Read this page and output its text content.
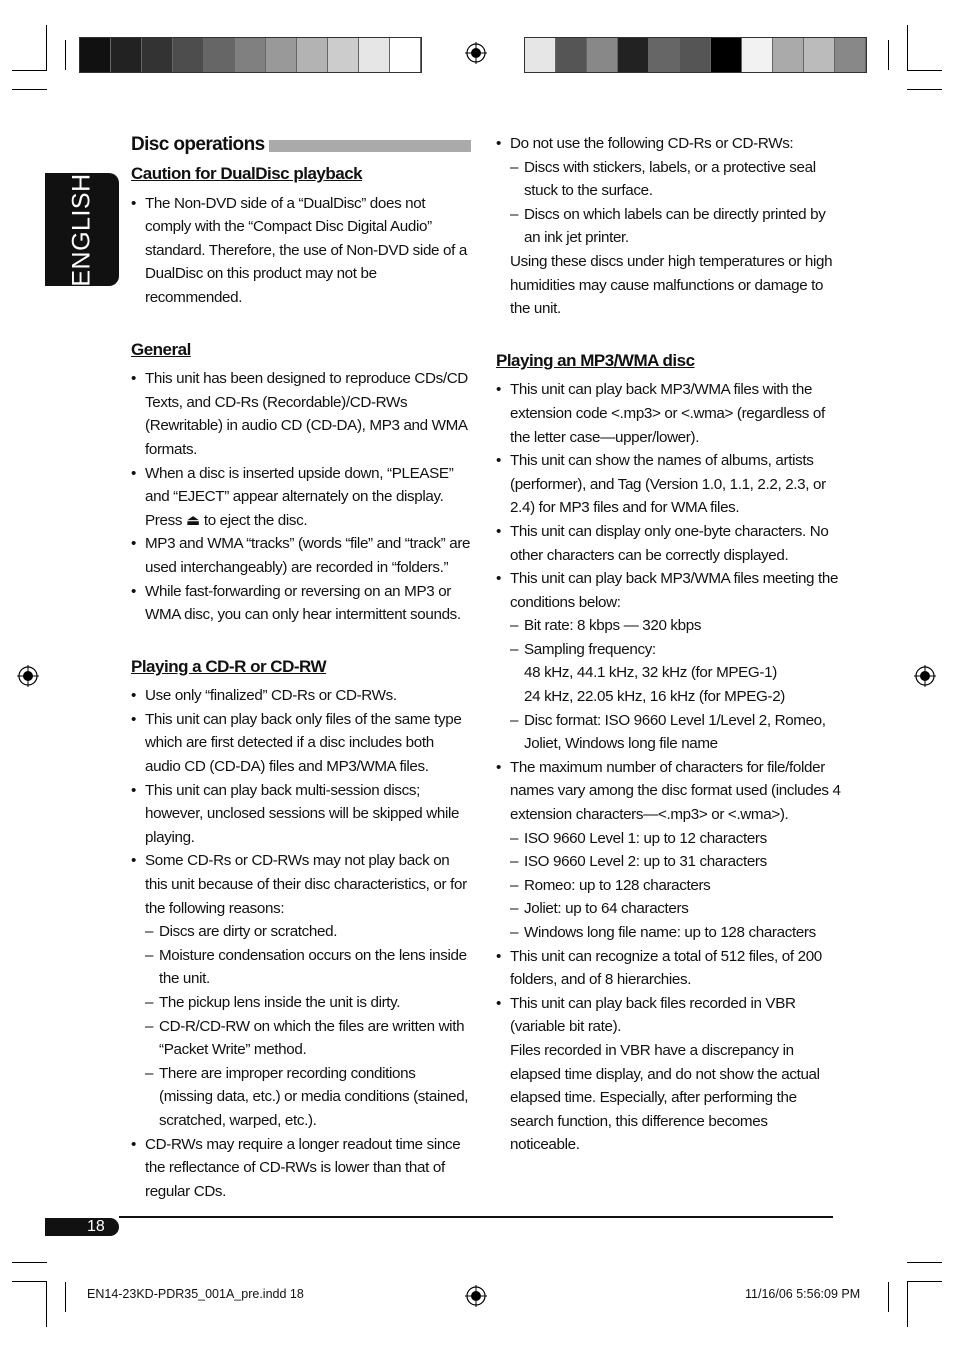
ENGLISH
Disc operations
Caution for DualDisc playback
• The Non-DVD side of a “DualDisc” does not comply with the “Compact Disc Digital Audio” standard. Therefore, the use of Non-DVD side of a DualDisc on this product may not be recommended.
General
• This unit has been designed to reproduce CDs/CD Texts, and CD-Rs (Recordable)/CD-RWs (Rewritable) in audio CD (CD-DA), MP3 and WMA formats.
• When a disc is inserted upside down, “PLEASE” and “EJECT” appear alternately on the display. Press ⏏ to eject the disc.
• MP3 and WMA “tracks” (words “file” and “track” are used interchangeably) are recorded in “folders.”
• While fast-forwarding or reversing on an MP3 or WMA disc, you can only hear intermittent sounds.
Playing a CD-R or CD-RW
• Use only “finalized” CD-Rs or CD-RWs.
• This unit can play back only files of the same type which are first detected if a disc includes both audio CD (CD-DA) files and MP3/WMA files.
• This unit can play back multi-session discs; however, unclosed sessions will be skipped while playing.
• Some CD-Rs or CD-RWs may not play back on this unit because of their disc characteristics, or for the following reasons:
– Discs are dirty or scratched.
– Moisture condensation occurs on the lens inside the unit.
– The pickup lens inside the unit is dirty.
– CD-R/CD-RW on which the files are written with “Packet Write” method.
– There are improper recording conditions (missing data, etc.) or media conditions (stained, scratched, warped, etc.).
• CD-RWs may require a longer readout time since the reflectance of CD-RWs is lower than that of regular CDs.
• Do not use the following CD-Rs or CD-RWs:
– Discs with stickers, labels, or a protective seal stuck to the surface.
– Discs on which labels can be directly printed by an ink jet printer.
Using these discs under high temperatures or high humidities may cause malfunctions or damage to the unit.
Playing an MP3/WMA disc
• This unit can play back MP3/WMA files with the extension code <.mp3> or <.wma> (regardless of the letter case—upper/lower).
• This unit can show the names of albums, artists (performer), and Tag (Version 1.0, 1.1, 2.2, 2.3, or 2.4) for MP3 files and for WMA files.
• This unit can display only one-byte characters. No other characters can be correctly displayed.
• This unit can play back MP3/WMA files meeting the conditions below:
– Bit rate: 8 kbps — 320 kbps
– Sampling frequency:
48 kHz, 44.1 kHz, 32 kHz (for MPEG-1)
24 kHz, 22.05 kHz, 16 kHz (for MPEG-2)
– Disc format: ISO 9660 Level 1/Level 2, Romeo, Joliet, Windows long file name
• The maximum number of characters for file/folder names vary among the disc format used (includes 4 extension characters—<.mp3> or <.wma>).
– ISO 9660 Level 1: up to 12 characters
– ISO 9660 Level 2: up to 31 characters
– Romeo: up to 128 characters
– Joliet: up to 64 characters
– Windows long file name: up to 128 characters
• This unit can recognize a total of 512 files, of 200 folders, and of 8 hierarchies.
• This unit can play back files recorded in VBR (variable bit rate).
Files recorded in VBR have a discrepancy in elapsed time display, and do not show the actual elapsed time. Especially, after performing the search function, this difference becomes noticeable.
18
EN14-23KD-PDR35_001A_pre.indd 18	11/16/06 5:56:09 PM
